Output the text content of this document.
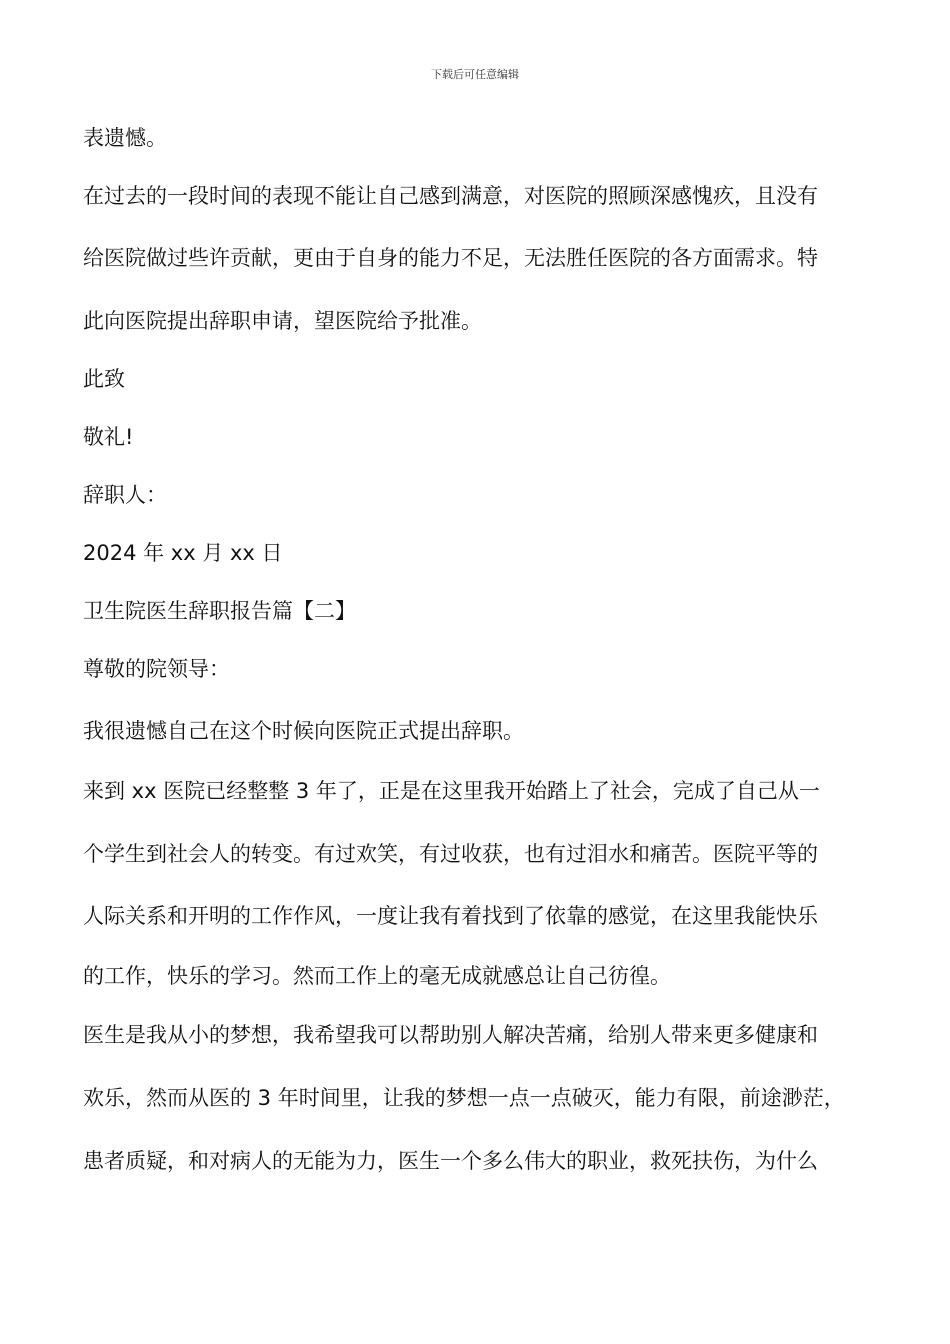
下载后可任意编辑
表遗憾。
在过去的一段时间的表现不能让自己感到满意，对医院的照顾深感愧疚，且没有
给医院做过些许贡献，更由于自身的能力不足，无法胜任医院的各方面需求。特
此向医院提出辞职申请，望医院给予批准。
此致
敬礼!
辞职人：
2024 年 xx 月 xx 日
卫生院医生辞职报告篇【二】
尊敬的院领导：
我很遗憾自己在这个时候向医院正式提出辞职。
来到 xx 医院已经整整 3 年了，正是在这里我开始踏上了社会，完成了自己从一
个学生到社会人的转变。有过欢笑，有过收获，也有过泪水和痛苦。医院平等的
人际关系和开明的工作作风，一度让我有着找到了依靠的感觉，在这里我能快乐
的工作，快乐的学习。然而工作上的毫无成就感总让自己彷徨。
医生是我从小的梦想，我希望我可以帮助别人解决苦痛，给别人带来更多健康和
欢乐，然而从医的 3 年时间里，让我的梦想一点一点破灭，能力有限，前途渺茫，
患者质疑，和对病人的无能为力，医生一个多么伟大的职业，救死扶伤，为什么
